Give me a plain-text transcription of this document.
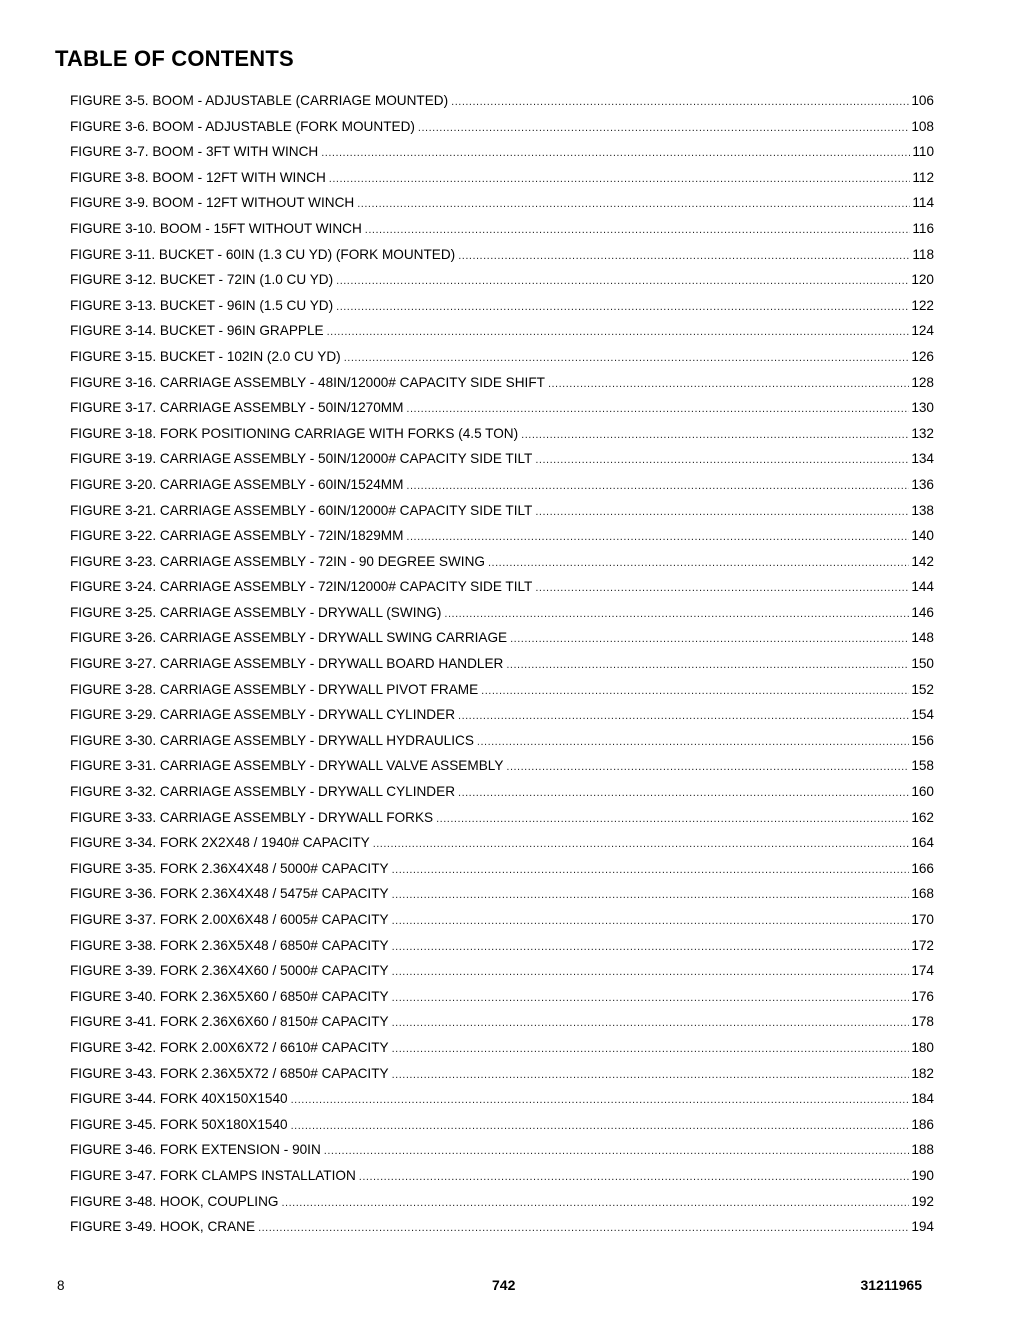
TABLE OF CONTENTS
FIGURE 3-5. BOOM - ADJUSTABLE (CARRIAGE MOUNTED) .....	106
FIGURE 3-6. BOOM - ADJUSTABLE (FORK MOUNTED) .....	108
FIGURE 3-7. BOOM - 3FT WITH WINCH .....	110
FIGURE 3-8. BOOM - 12FT WITH WINCH .....	112
FIGURE 3-9. BOOM - 12FT WITHOUT WINCH .....	114
FIGURE 3-10. BOOM - 15FT WITHOUT WINCH .....	116
FIGURE 3-11. BUCKET - 60IN (1.3 CU YD) (FORK MOUNTED) .....	118
FIGURE 3-12. BUCKET - 72IN (1.0 CU YD) .....	120
FIGURE 3-13. BUCKET - 96IN (1.5 CU YD) .....	122
FIGURE 3-14. BUCKET - 96IN GRAPPLE .....	124
FIGURE 3-15. BUCKET - 102IN (2.0 CU YD) .....	126
FIGURE 3-16. CARRIAGE ASSEMBLY - 48IN/12000# CAPACITY SIDE SHIFT .....	128
FIGURE 3-17. CARRIAGE ASSEMBLY - 50IN/1270MM .....	130
FIGURE 3-18. FORK POSITIONING CARRIAGE WITH FORKS (4.5 TON) .....	132
FIGURE 3-19. CARRIAGE ASSEMBLY - 50IN/12000# CAPACITY SIDE TILT .....	134
FIGURE 3-20. CARRIAGE ASSEMBLY - 60IN/1524MM .....	136
FIGURE 3-21. CARRIAGE ASSEMBLY - 60IN/12000# CAPACITY SIDE TILT .....	138
FIGURE 3-22. CARRIAGE ASSEMBLY - 72IN/1829MM .....	140
FIGURE 3-23. CARRIAGE ASSEMBLY - 72IN - 90 DEGREE SWING .....	142
FIGURE 3-24. CARRIAGE ASSEMBLY - 72IN/12000# CAPACITY SIDE TILT .....	144
FIGURE 3-25. CARRIAGE ASSEMBLY - DRYWALL (SWING) .....	146
FIGURE 3-26. CARRIAGE ASSEMBLY - DRYWALL SWING CARRIAGE .....	148
FIGURE 3-27. CARRIAGE ASSEMBLY - DRYWALL BOARD HANDLER .....	150
FIGURE 3-28. CARRIAGE ASSEMBLY - DRYWALL PIVOT FRAME .....	152
FIGURE 3-29. CARRIAGE ASSEMBLY - DRYWALL CYLINDER .....	154
FIGURE 3-30. CARRIAGE ASSEMBLY - DRYWALL HYDRAULICS .....	156
FIGURE 3-31. CARRIAGE ASSEMBLY - DRYWALL VALVE ASSEMBLY .....	158
FIGURE 3-32. CARRIAGE ASSEMBLY - DRYWALL CYLINDER .....	160
FIGURE 3-33. CARRIAGE ASSEMBLY - DRYWALL FORKS .....	162
FIGURE 3-34. FORK 2X2X48 / 1940# CAPACITY .....	164
FIGURE 3-35. FORK 2.36X4X48 / 5000# CAPACITY .....	166
FIGURE 3-36. FORK 2.36X4X48 / 5475# CAPACITY .....	168
FIGURE 3-37. FORK 2.00X6X48 / 6005# CAPACITY .....	170
FIGURE 3-38. FORK 2.36X5X48 / 6850# CAPACITY .....	172
FIGURE 3-39. FORK 2.36X4X60 / 5000# CAPACITY .....	174
FIGURE 3-40. FORK 2.36X5X60 / 6850# CAPACITY .....	176
FIGURE 3-41. FORK 2.36X6X60 / 8150# CAPACITY .....	178
FIGURE 3-42. FORK 2.00X6X72 / 6610# CAPACITY .....	180
FIGURE 3-43. FORK 2.36X5X72 / 6850# CAPACITY .....	182
FIGURE 3-44. FORK 40X150X1540 .....	184
FIGURE 3-45. FORK 50X180X1540 .....	186
FIGURE 3-46. FORK EXTENSION - 90IN .....	188
FIGURE 3-47. FORK CLAMPS INSTALLATION .....	190
FIGURE 3-48. HOOK, COUPLING .....	192
FIGURE 3-49. HOOK, CRANE .....	194
8	742	31211965
